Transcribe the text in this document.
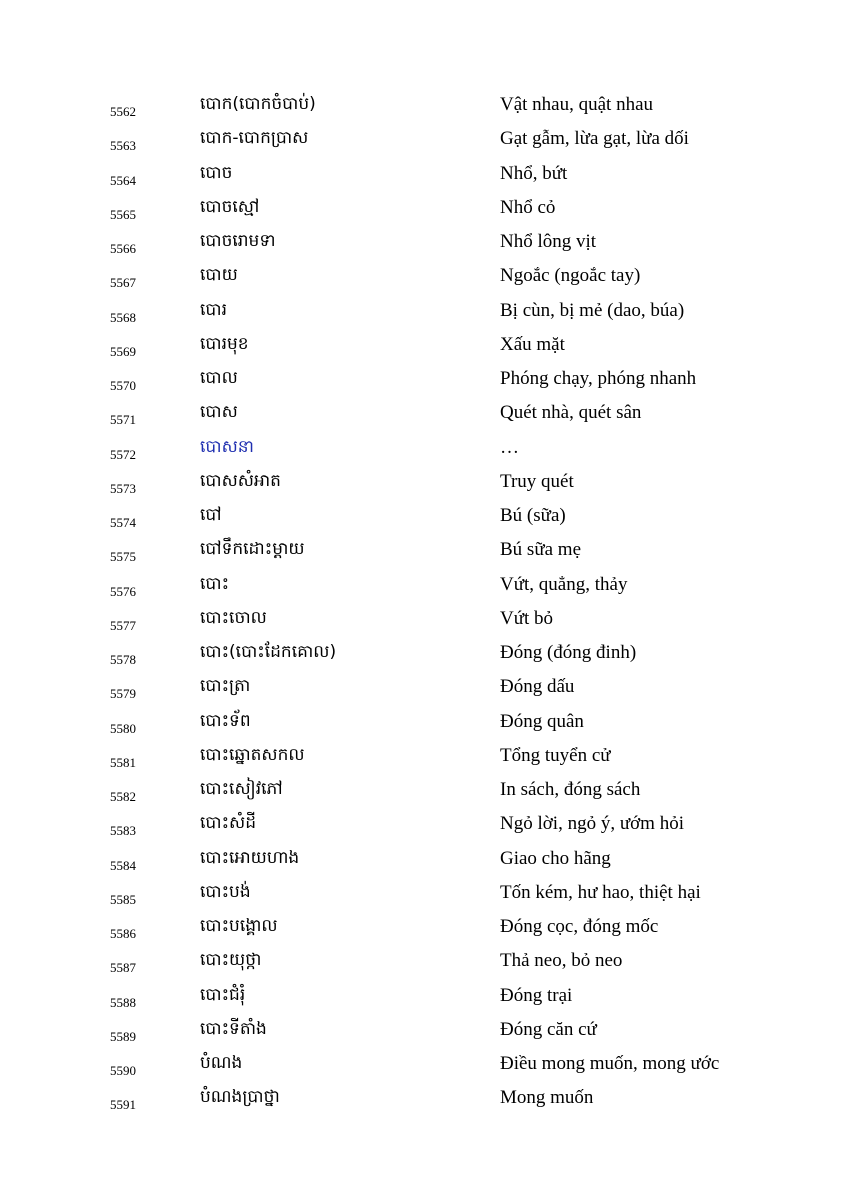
5562	បោក(បោកចំបាប់)	Vật nhau, quật nhau
5563	បោក-បោកប្រាស	Gạt gẫm, lừa gạt, lừa dối
5564	បោច	Nhổ, bứt
5565	បោចស្មៅ	Nhổ cỏ
5566	បោចរោមទា	Nhổ lông vịt
5567	បោយ	Ngoắc (ngoắc tay)
5568	បោរ	Bị cùn, bị mẻ (dao, búa)
5569	បោរមុខ	Xấu mặt
5570	បោល	Phóng chạy, phóng nhanh
5571	បោស	Quét nhà, quét sân
5572	បោសនា	…
5573	បោសសំអាត	Truy quét
5574	បៅ	Bú (sữa)
5575	បៅទឹកដោះម្តាយ	Bú sữa mẹ
5576	បោះ	Vứt, quẳng, thảy
5577	បោះចោល	Vứt bỏ
5578	បោះ(បោះដែកគោល)	Đóng (đóng đinh)
5579	បោះត្រា	Đóng dấu
5580	បោះទ័ព	Đóng quân
5581	បោះឆ្នោតសកល	Tổng tuyển cử
5582	បោះសៀវភៅ	In sách, đóng sách
5583	បោះសំដី	Ngỏ lời, ngỏ ý, ướm hỏi
5584	បោះអោយហាង	Giao cho hãng
5585	បោះបង់	Tốn kém, hư hao, thiệt hại
5586	បោះបង្គោល	Đóng cọc, đóng mốc
5587	បោះយុថ្កា	Thả neo, bỏ neo
5588	បោះជំរុំ	Đóng trại
5589	បោះទីតាំង	Đóng căn cứ
5590	បំណង	Điều mong muốn, mong ước
5591	បំណងប្រាថ្នា	Mong muốn
